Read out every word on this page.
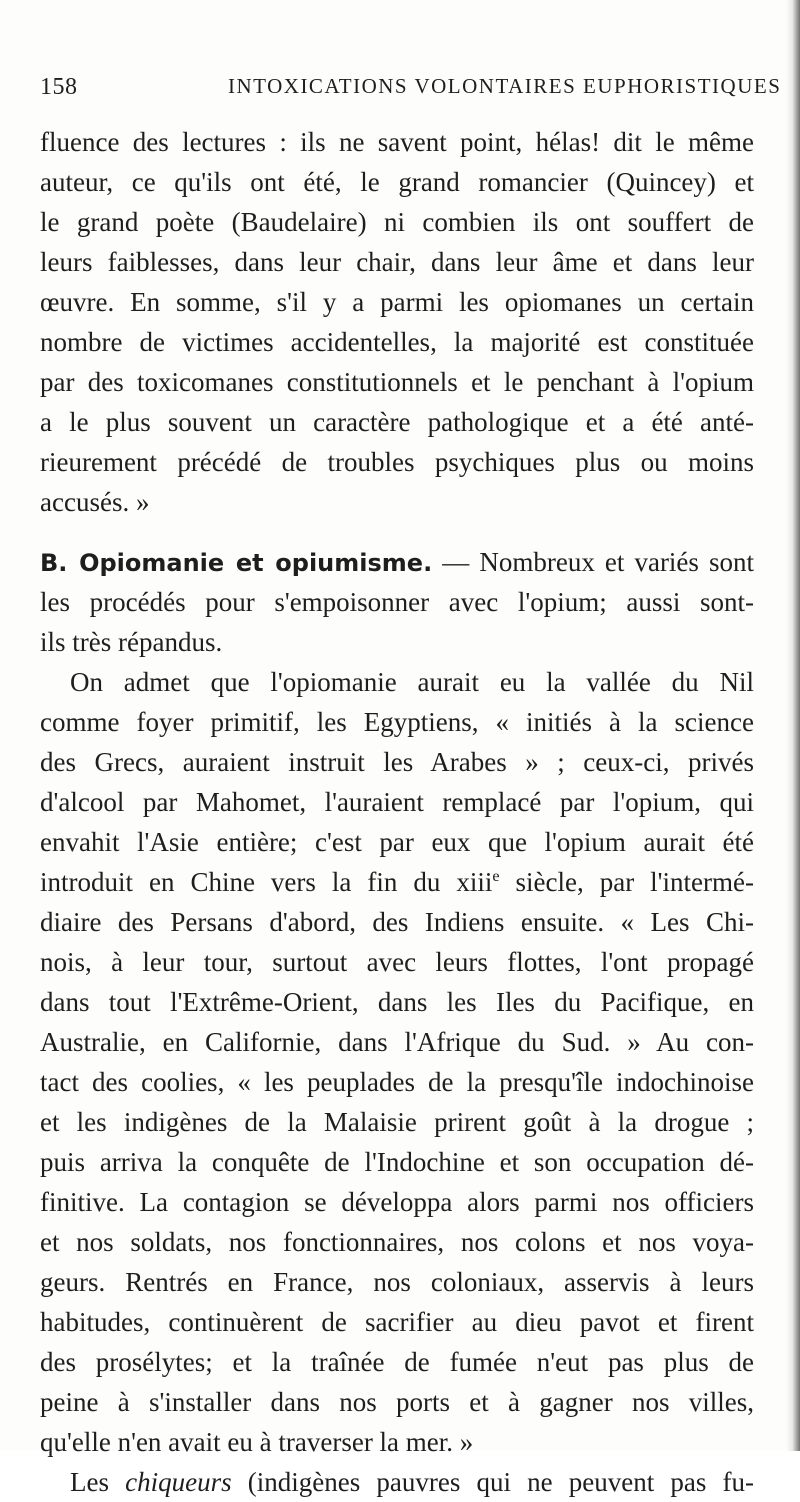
158	INTOXICATIONS VOLONTAIRES EUPHORISTIQUES
fluence des lectures : ils ne savent point, hélas! dit le même
auteur, ce qu'ils ont été, le grand romancier (Quincey) et
le grand poète (Baudelaire) ni combien ils ont souffert de
leurs faiblesses, dans leur chair, dans leur âme et dans leur
œuvre. En somme, s'il y a parmi les opiomanes un certain
nombre de victimes accidentelles, la majorité est constituée
par des toxicomanes constitutionnels et le penchant à l'opium
a le plus souvent un caractère pathologique et a été anté-
rieurement précédé de troubles psychiques plus ou moins
accusés. »
B. Opiomanie et opiumisme. — Nombreux et variés sont
les procédés pour s'empoisonner avec l'opium; aussi sont-
ils très répandus.
On admet que l'opiomanie aurait eu la vallée du Nil
comme foyer primitif, les Egyptiens, « initiés à la science
des Grecs, auraient instruit les Arabes » ; ceux-ci, privés
d'alcool par Mahomet, l'auraient remplacé par l'opium, qui
envahit l'Asie entière; c'est par eux que l'opium aurait été
introduit en Chine vers la fin du xiii$^e$ siècle, par l'intermé-
diaire des Persans d'abord, des Indiens ensuite. « Les Chi-
nois, à leur tour, surtout avec leurs flottes, l'ont propagé
dans tout l'Extrême-Orient, dans les Iles du Pacifique, en
Australie, en Californie, dans l'Afrique du Sud. » Au con-
tact des coolies, « les peuplades de la presqu'île indochinoise
et les indigènes de la Malaisie prirent goût à la drogue ;
puis arriva la conquête de l'Indochine et son occupation dé-
finitive. La contagion se développa alors parmi nos officiers
et nos soldats, nos fonctionnaires, nos colons et nos voya-
geurs. Rentrés en France, nos coloniaux, asservis à leurs
habitudes, continuèrent de sacrifier au dieu pavot et firent
des prosélytes; et la traînée de fumée n'eut pas plus de
peine à s'installer dans nos ports et à gagner nos villes,
qu'elle n'en avait eu à traverser la mer. »
Les chiqueurs (indigènes pauvres qui ne peuvent pas fu-
